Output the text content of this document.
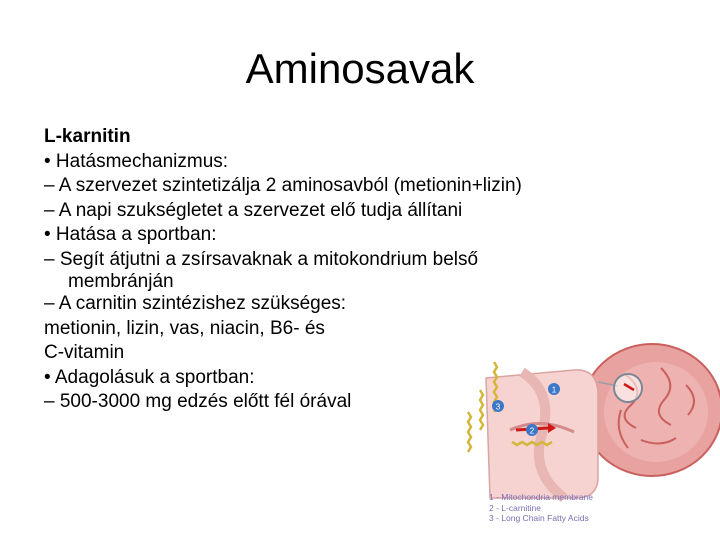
Aminosavak
L-karnitin
• Hatásmechanizmus:
– A szervezet szintetizálja 2 aminosavból (metionin+lizin)
– A napi szukségletet a szervezet elő tudja állítani
• Hatása a sportban:
– Segít átjutni a zsírsavaknak a mitokondrium belső
membránján
– A carnitin szintézishez szükséges:
metionin, lizin, vas, niacin, B6- és
C-vitamin
• Adagolásuk a sportban:
– 500-3000 mg edzés előtt fél órával
1
2
3
1 - Mitochondria membrane
2 - L-carnitine
3 - Long Chain Fatty Acids
